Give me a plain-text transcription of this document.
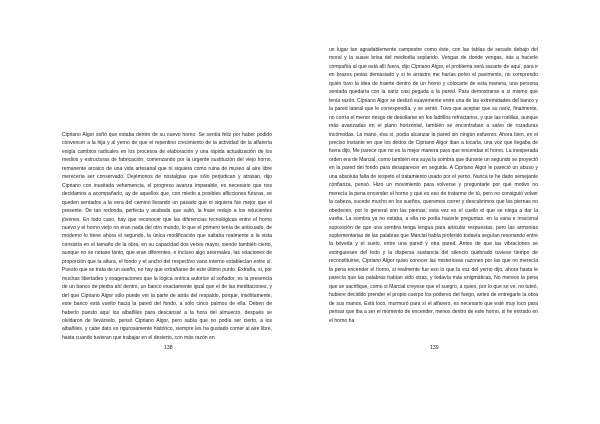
Cipriano Algor soñó que estaba dentro de su nuevo horno. Se sentía feliz por haber podido convencer a la hija y al yerno de que el repentino crecimiento de la actividad de la alfarería exigía cambios radicales en los procesos de elaboración y una rápida actualización de los medios y estructuras de fabricación, comenzando por la urgente sustitución del viejo horno, remanente arcaico de una vida artesanal que ni siquiera como ruina de museo al aire libre merecería ser conservado. Dejémonos de nostalgias que sólo perjudican y atrasan, dijo Cipriano con inusitada vehemencia, el progreso avanza imparable, es necesario que nos decidamos a acompañarlo, ay de aquellos que, con miedo a posibles aflicciones futuras, se queden sentados a la vera del camino llorando un pasado que ni siquiera fue mejor que el presente. De tan redonda, perfecta y acabada que salió, la frase redujo a los relucientes jóvenes. En todo caso, hay que reconocer que las diferencias tecnológicas entre el horno nuevo y el horno viejo no eran nada del otro mundo, lo que el primero tenía de anticuado, de moderno lo tiene ahora el segundo, la única modificación que saltaba realmente a la vista consistía en el tamaño de la obra, en su capacidad dos veces mayor, siendo también cierto, aunque no se notase tanto, que eran diferentes, e incluso algo anormales, las relaciones de proporción que la altura, el fondo y el ancho del respectivo vano interno establecían entre sí. Puesto que se trata de un sueño, no hay que extrañarse de este último punto. Extraña, sí, por muchas libertades y exageraciones que la lógica onírica autorice al soñador, es la presencia de un banco de piedra ahí dentro, un banco exactamente igual que el de las meditaciones, y del que Cipriano Algor sólo puede ver la parte de atrás del respaldo, porque, insólitamente, este banco está vuelto hacia la pared del fondo, a sólo cinco palmos de ella. Deben de haberlo puesto aquí los albañiles para descansar a la hora del almuerzo, después se olvidaron de llevárselo, pensó Cipriano Algor, pero sabía que no podía ser cierto, a los albañiles, y cabe dato es rigurosamente histórico, siempre les ha gustado comer al aire libre, hasta cuando tuvieran que trabajar en el desierto, con más razón en

138

un lugar tan agradablemente campestre como éste, con las tablas de secado debajo del moral y la suave brisa del mediodía soplando. Vengas de donde vengas, irás a hacerle compañía al que está allí fuera, dijo Cipriano Algor, el problema será sacarte de aquí, para ir en brazos pesas demasiado y si te arrastro me harías polvo el pavimento, no comprendo quién tuvo la idea de traerte dentro de un horno y colocarte de esta manera, una persona sentada quedaría con la nariz casi pegada a la pared. Para demostrarse a sí mismo que tenía razón, Cipriano Algor se deslizó suavemente entre una de las extremidades del banco y la pared lateral que le correspondía, y se sentó. Tuvo que aceptar que su nariz, finalmente, no corría el menor riesgo de desollarse en los ladrillos refractarios, y que las rodillas, aunque más avanzadas en el plano horizontal, también se encontraban a salvo de rozaduras incómodas. La mano, ésa sí, podía alcanzar la pared sin ningún esfuerzo. Ahora bien, en el preciso instante en que los dedos de Cipriano Algor iban a tocarla, una voz que llegaba de fuera dijo, Me parece que no es la mejor manera para que encendas el horno. La inesperada orden era de Marcial, como también era suya la sombra que durante un segundo se proyectó en la pared del fondo para desaparecer en seguida. A Cipriano Algor le pareció un abuso y una absoluta falta de respeto el tratamiento usado por el yerno, Nunca te he dado semejante confianza, pensó. Hizo un movimiento para volverse y preguntarle por qué motivo no merecía la pena encender el horno y qué es eso de tratarme de tú, pero no consiguió volver la cabeza, sucede mucho en los sueños, queremos correr y descubrimos que las piernas no obedecen, por lo general son las piernas, esta vez es el cuello el que se niega a dar la vuelta. La sombra ya no estaba, a ella no podía hacerle preguntas, en la vana e irracional suposición de que una sombra tenga lengua para articular respuestas, pero las armonías suplementarias de las palabras que Marcial había proferido todavía seguían resonando entre la bóveda y el suelo, entre una pared y otra pared. Antes de que las vibraciones se extinguiesen del todo y la dispersa sustancia del silencio quebrado tuviese tiempo de reconstituirse, Cipriano Algor quiso conocer las misteriosas razones por las que no merecía la pena encender el horno, si realmente fue eso lo que la voz del yerno dijo, ahora hasta le parecía que las palabras habían sido otras, y todavía más enigmáticas, No merece la pena que se sacrifique, como si Marcial creyese que el suegro, a quien, por lo que se ve, no tuteó, hubiere decidido prender el propio cuerpo los poderes del fuego, antes de entregarle la obra de sus manos. Está loco, murmuró para sí el alfarero, es necesario que esté muy loco para pensar que iba a ser el momento de encender, menos dentro de este horno, si he entrado en el horno ha

139
